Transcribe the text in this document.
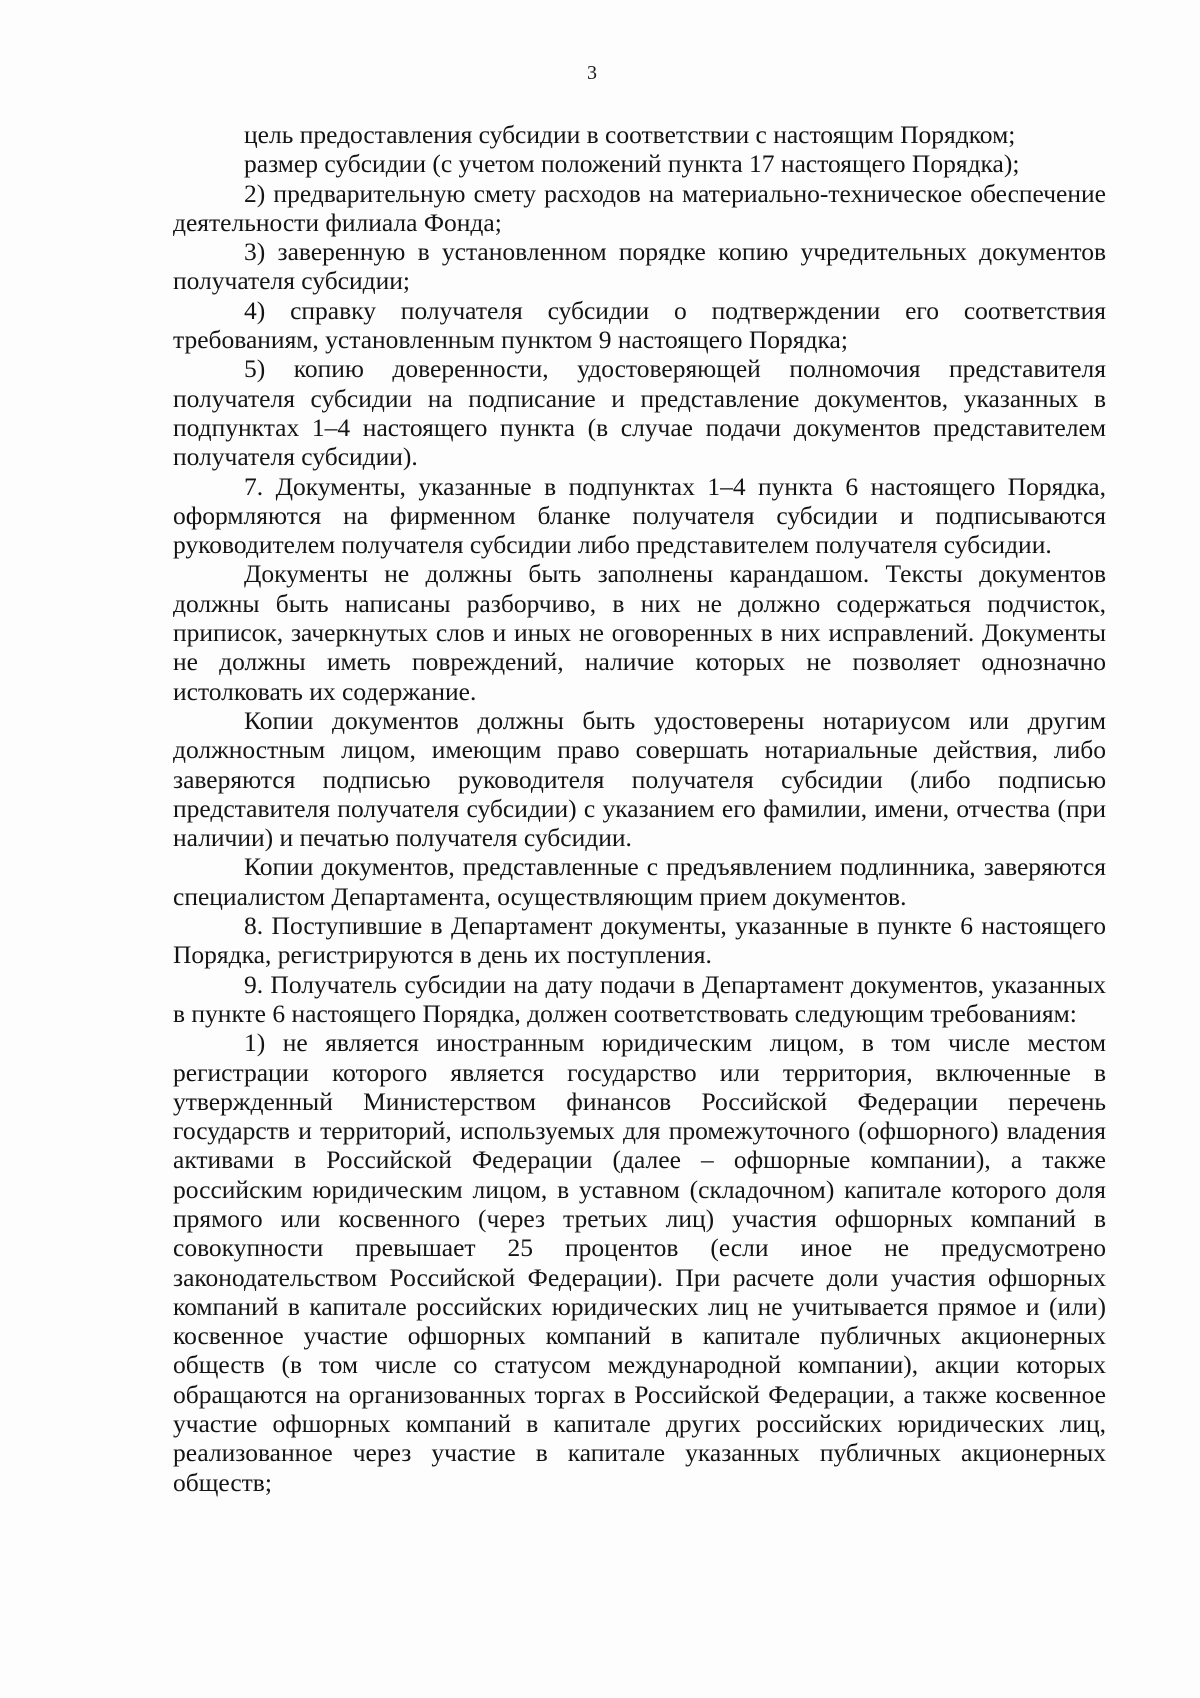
3

цель предоставления субсидии в соответствии с настоящим Порядком;

размер субсидии (с учетом положений пункта 17 настоящего Порядка);

2) предварительную смету расходов на материально-техническое обеспечение деятельности филиала Фонда;

3) заверенную в установленном порядке копию учредительных документов получателя субсидии;

4) справку получателя субсидии о подтверждении его соответствия требованиям, установленным пунктом 9 настоящего Порядка;

5) копию доверенности, удостоверяющей полномочия представителя получателя субсидии на подписание и представление документов, указанных в подпунктах 1–4 настоящего пункта (в случае подачи документов представителем получателя субсидии).

7. Документы, указанные в подпунктах 1–4 пункта 6 настоящего Порядка, оформляются на фирменном бланке получателя субсидии и подписываются руководителем получателя субсидии либо представителем получателя субсидии.

Документы не должны быть заполнены карандашом. Тексты документов должны быть написаны разборчиво, в них не должно содержаться подчисток, приписок, зачеркнутых слов и иных не оговоренных в них исправлений. Документы не должны иметь повреждений, наличие которых не позволяет однозначно истолковать их содержание.

Копии документов должны быть удостоверены нотариусом или другим должностным лицом, имеющим право совершать нотариальные действия, либо заверяются подписью руководителя получателя субсидии (либо подписью представителя получателя субсидии) с указанием его фамилии, имени, отчества (при наличии) и печатью получателя субсидии.

Копии документов, представленные с предъявлением подлинника, заверяются специалистом Департамента, осуществляющим прием документов.

8. Поступившие в Департамент документы, указанные в пункте 6 настоящего Порядка, регистрируются в день их поступления.

9. Получатель субсидии на дату подачи в Департамент документов, указанных в пункте 6 настоящего Порядка, должен соответствовать следующим требованиям:

1) не является иностранным юридическим лицом, в том числе местом регистрации которого является государство или территория, включенные в утвержденный Министерством финансов Российской Федерации перечень государств и территорий, используемых для промежуточного (офшорного) владения активами в Российской Федерации (далее – офшорные компании), а также российским юридическим лицом, в уставном (складочном) капитале которого доля прямого или косвенного (через третьих лиц) участия офшорных компаний в совокупности превышает 25 процентов (если иное не предусмотрено законодательством Российской Федерации). При расчете доли участия офшорных компаний в капитале российских юридических лиц не учитывается прямое и (или) косвенное участие офшорных компаний в капитале публичных акционерных обществ (в том числе со статусом международной компании), акции которых обращаются на организованных торгах в Российской Федерации, а также косвенное участие офшорных компаний в капитале других российских юридических лиц, реализованное через участие в капитале указанных публичных акционерных обществ;
